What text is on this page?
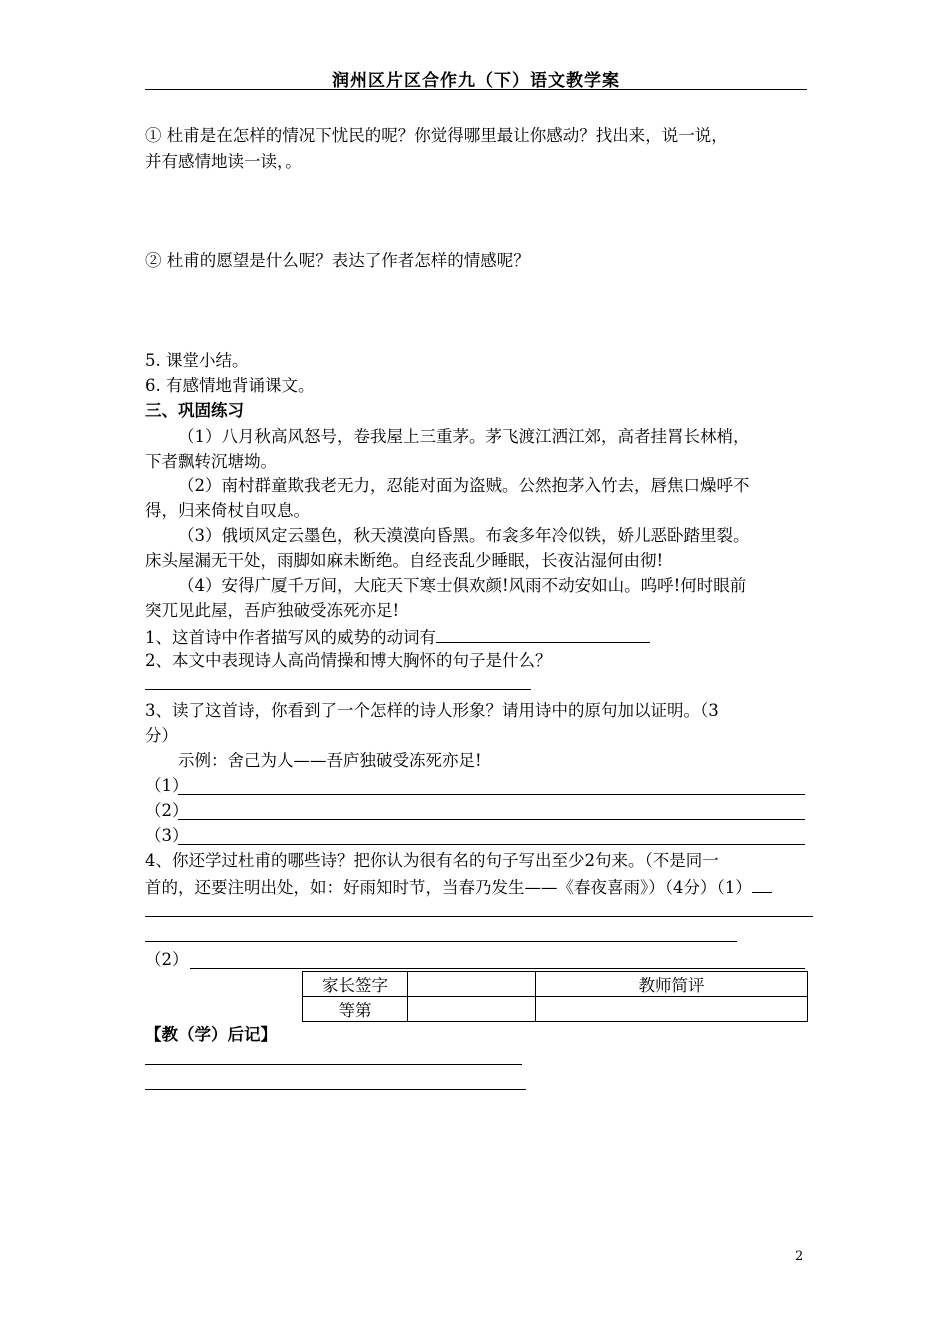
润州区片区合作九（下）语文教学案
① 杜甫是在怎样的情况下忧民的呢？你觉得哪里最让你感动？找出来，说一说，
并有感情地读一读，。
② 杜甫的愿望是什么呢？表达了作者怎样的情感呢？
5. 课堂小结。
6. 有感情地背诵课文。
三、巩固练习
（1）八月秋高风怒号，卷我屋上三重茅。茅飞渡江洒江郊，高者挂罥长林梢，
下者飘转沉塘坳。
（2）南村群童欺我老无力，忍能对面为盗贼。公然抱茅入竹去，唇焦口燥呼不
得，归来倚杖自叹息。
（3）俄顷风定云墨色，秋天漠漠向昏黑。布衾多年冷似铁，娇儿恶卧踏里裂。
床头屋漏无干处，雨脚如麻未断绝。自经丧乱少睡眠，长夜沾湿何由彻!
（4）安得广厦千万间，大庇天下寒士俱欢颜!风雨不动安如山。呜呼!何时眼前
突兀见此屋，吾庐独破受冻死亦足!
1、这首诗中作者描写风的威势的动词有
2、本文中表现诗人高尚情操和博大胸怀的句子是什么？
3、读了这首诗，你看到了一个怎样的诗人形象？请用诗中的原句加以证明。（3
分）
示例：舍己为人——吾庐独破受冻死亦足!
（1）
（2）
（3）
4、你还学过杜甫的哪些诗？把你认为很有名的句子写出至少2句来。（不是同一
首的，还要注明出处，如：好雨知时节，当春乃发生——《春夜喜雨》）（4分）（1）
（2）
家长签字		教师简评
等第		
【教（学）后记】
2
